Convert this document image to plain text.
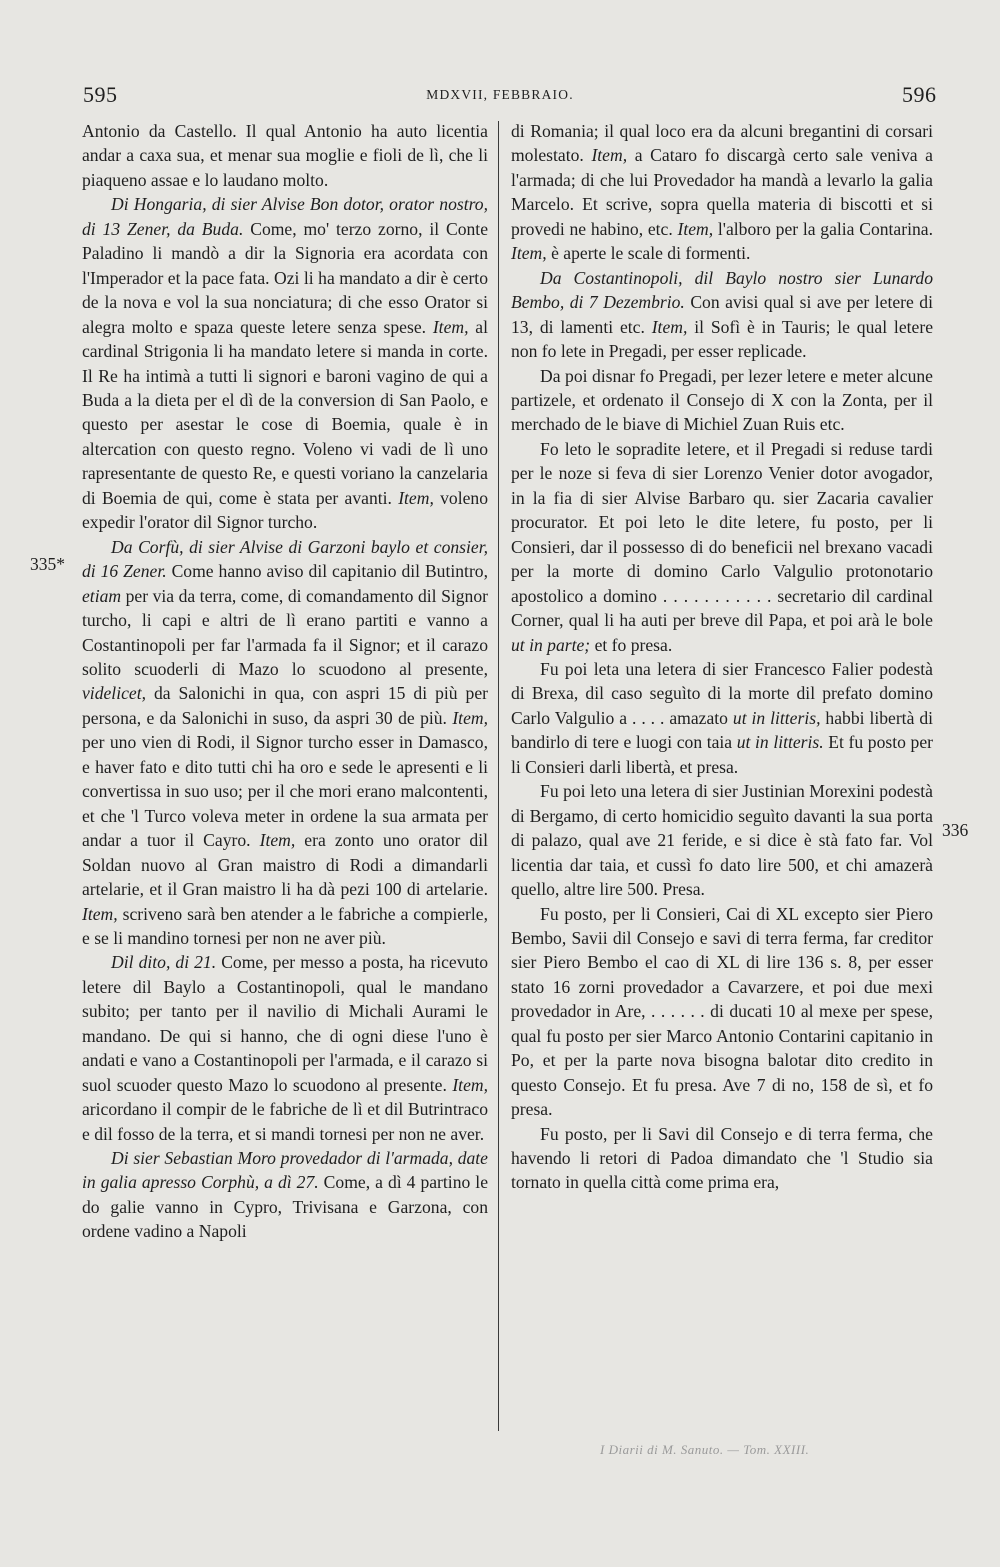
595	MDXVII, FEBBRAIO.	596

Antonio da Castello. Il qual Antonio ha auto licentia andar a caxa sua, et menar sua moglie e fioli de lì, che li piaqueno assae e lo laudano molto.

Di Hongaria, di sier Alvise Bon dotor, orator nostro, di 13 Zener, da Buda. Come, mo' terzo zorno, il Conte Paladino li mandò a dir la Signoria era acordata con l'Imperador et la pace fata. Ozi li ha mandato a dir è certo de la nova e vol la sua nonciatura; di che esso Orator si alegra molto e spaza queste letere senza spese. Item, al cardinal Strigonia li ha mandato letere si manda in corte. Il Re ha intimà a tutti li signori e baroni vagino de qui a Buda a la dieta per el dì de la conversion di San Paolo, e questo per asestar le cose di Boemia, quale è in altercation con questo regno. Voleno vi vadi de lì uno rapresentante de questo Re, e questi voriano la canzelaria di Boemia de qui, come è stata per avanti. Item, voleno expedir l'orator dil Signor turcho.

Da Corfù, di sier Alvise di Garzoni baylo et consier, di 16 Zener. Come hanno aviso dil capitanio dil Butintro, etiam per via da terra, come, di comandamento dil Signor turcho, li capi e altri de lì erano partiti e vanno a Costantinopoli per far l'armada fa il Signor; et il carazo solito scuoderli di Mazo lo scuodono al presente, videlicet, da Salonichi in qua, con aspri 15 di più per persona, e da Salonichi in suso, da aspri 30 de più. Item, per uno vien di Rodi, il Signor turcho esser in Damasco, e haver fato e dito tutti chi ha oro e sede le apresenti e li convertissa in suo uso; per il che mori erano malcontenti, et che 'l Turco voleva meter in ordene la sua armata per andar a tuor il Cayro. Item, era zonto uno orator dil Soldan nuovo al Gran maistro di Rodi a dimandarli artelarie, et il Gran maistro li ha dà pezi 100 di artelarie. Item, scriveno sarà ben atender a le fabriche a compierle, e se li mandino tornesi per non ne aver più.

Dil dito, di 21. Come, per messo a posta, ha ricevuto letere dil Baylo a Costantinopoli, qual le mandano subito; per tanto per il navilio di Michali Aurami le mandano. De qui si hanno, che di ogni diese l'uno è andati e vano a Costantinopoli per l'armada, e il carazo si suol scuoder questo Mazo lo scuodono al presente. Item, aricordano il compir de le fabriche de lì et dil Butrintraco e dil fosso de la terra, et si mandi tornesi per non ne aver.

Di sier Sebastian Moro provedador di l'armada, date in galia apresso Corphù, a dì 27. Come, a dì 4 partino le do galie vanno in Cypro, Trivisana e Garzona, con ordene vadino a Napoli

di Romania; il qual loco era da alcuni bregantini di corsari molestato. Item, a Cataro fo discargà certo sale veniva a l'armada; di che lui Provedador ha mandà a levarlo la galia Marcelo. Et scrive, sopra quella materia di biscotti et si provedi ne habino, etc. Item, l'alboro per la galia Contarina. Item, è aperte le scale di formenti.

Da Costantinopoli, dil Baylo nostro sier Lunardo Bembo, di 7 Dezembrio. Con avisi qual si ave per letere di 13, di lamenti etc. Item, il Sofì è in Tauris; le qual letere non fo lete in Pregadi, per esser replicade.

Da poi disnar fo Pregadi, per lezer letere e meter alcune partizele, et ordenato il Consejo di X con la Zonta, per il merchado de le biave di Michiel Zuan Ruis etc.

Fo leto le sopradite letere, et il Pregadi si reduse tardi per le noze si feva di sier Lorenzo Venier dotor avogador, in la fia di sier Alvise Barbaro qu. sier Zacaria cavalier procurator. Et poi leto le dite letere, fu posto, per li Consieri, dar il possesso di do beneficii nel brexano vacadi per la morte di domino Carlo Valgulio protonotario apostolico a domino . . . . . . . . . . . secretario dil cardinal Corner, qual li ha auti per breve dil Papa, et poi arà le bole ut in parte; et fo presa.

Fu poi leta una letera di sier Francesco Falier podestà di Brexa, dil caso seguìto di la morte dil prefato domino Carlo Valgulio a . . . . amazato ut in litteris, habbi libertà di bandirlo di tere e luogi con taia ut in litteris. Et fu posto per li Consieri darli libertà, et presa.

Fu poi leto una letera di sier Justinian Morexini podestà di Bergamo, di certo homicidio seguìto davanti la sua porta di palazo, qual ave 21 feride, e si dice è stà fato far. Vol licentia dar taia, et cussì fo dato lire 500, et chi amazerà quello, altre lire 500. Presa.

Fu posto, per li Consieri, Cai di XL excepto sier Piero Bembo, Savii dil Consejo e savi di terra ferma, far creditor sier Piero Bembo el cao di XL di lire 136 s. 8, per esser stato 16 zorni provedador a Cavarzere, et poi due mexi provedador in Are, . . . . . . di ducati 10 al mexe per spese, qual fu posto per sier Marco Antonio Contarini capitanio in Po, et per la parte nova bisogna balotar dito credito in questo Consejo. Et fu presa. Ave 7 di no, 158 de sì, et fo presa.

Fu posto, per li Savi dil Consejo e di terra ferma, che havendo li retori di Padoa dimandato che 'l Studio sia tornato in quella città come prima era,

335*
336
I Diarii di M. Sanuto. — Tom. XXIII.
